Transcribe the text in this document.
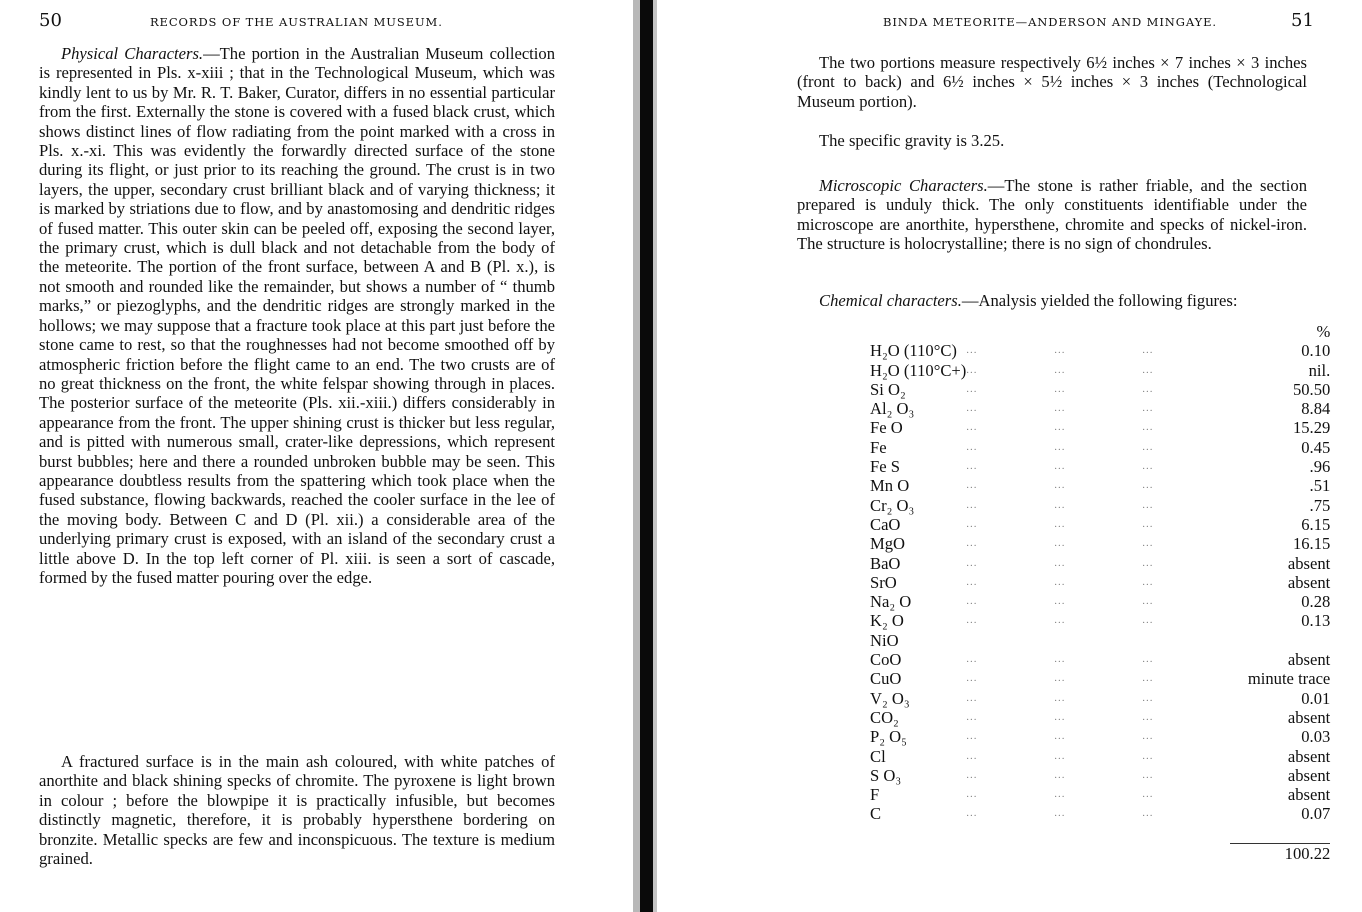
50	RECORDS OF THE AUSTRALIAN MUSEUM.

Physical Characters.—The portion in the Australian Museum collection is represented in Pls. x-xiii ; that in the Technological Museum, which was kindly lent to us by Mr. R. T. Baker, Curator, differs in no essential particular from the first. Externally the stone is covered with a fused black crust, which shows distinct lines of flow radiating from the point marked with a cross in Pls. x.-xi. This was evidently the forwardly directed surface of the stone during its flight, or just prior to its reaching the ground. The crust is in two layers, the upper, secondary crust brilliant black and of varying thickness; it is marked by striations due to flow, and by anastomosing and dendritic ridges of fused matter. This outer skin can be peeled off, exposing the second layer, the primary crust, which is dull black and not detachable from the body of the meteorite. The portion of the front surface, between A and B (Pl. x.), is not smooth and rounded like the remainder, but shows a number of “ thumb marks,” or piezoglyphs, and the dendritic ridges are strongly marked in the hollows; we may suppose that a fracture took place at this part just before the stone came to rest, so that the roughnesses had not become smoothed off by atmospheric friction before the flight came to an end. The two crusts are of no great thickness on the front, the white felspar showing through in places. The posterior surface of the meteorite (Pls. xii.-xiii.) differs considerably in appearance from the front. The upper shining crust is thicker but less regular, and is pitted with numerous small, crater-like depressions, which represent burst bubbles; here and there a rounded unbroken bubble may be seen. This appearance doubtless results from the spattering which took place when the fused substance, flowing backwards, reached the cooler surface in the lee of the moving body. Between C and D (Pl. xii.) a considerable area of the underlying primary crust is exposed, with an island of the secondary crust a little above D. In the top left corner of Pl. xiii. is seen a sort of cascade, formed by the fused matter pouring over the edge.

A fractured surface is in the main ash coloured, with white patches of anorthite and black shining specks of chromite. The pyroxene is light brown in colour ; before the blowpipe it is practically infusible, but becomes distinctly magnetic, therefore, it is probably hypersthene bordering on bronzite. Metallic specks are few and inconspicuous. The texture is medium grained.

BINDA METEORITE—ANDERSON AND MINGAYE.	51

The two portions measure respectively 6½ inches × 7 inches × 3 inches (front to back) and 6½ inches × 5½ inches × 3 inches (Technological Museum portion).

The specific gravity is 3.25.

Microscopic Characters.—The stone is rather friable, and the section prepared is unduly thick. The only constituents identifiable under the microscope are anorthite, hypersthene, chromite and specks of nickel-iron. The structure is holocrystalline; there is no sign of chondrules.

Chemical characters.—Analysis yielded the following figures:

				%
H₂O (110°C)	...	...	...	0.10
H₂O (110°C+)	...	...	...	nil.
Si O₂	...	...	...	50.50
Al₂ O₃	...	...	...	8.84
Fe O	...	...	...	15.29
Fe	...	...	...	0.45
Fe S	...	...	...	.96
Mn O	...	...	...	.51
Cr₂ O₃	...	...	...	.75
CaO	...	...	...	6.15
MgO	...	...	...	16.15
BaO	...	...	...	absent
SrO	...	...	...	absent
Na₂ O	...	...	...	0.28
K₂ O	...	...	...	0.13
NiO				
CoO	...	...	...	absent
CuO	...	...	...	minute trace
V₂ O₃	...	...	...	0.01
CO₂	...	...	...	absent
P₂ O₅	...	...	...	0.03
Cl	...	...	...	absent
S O₃	...	...	...	absent
F	...	...	...	absent
C	...	...	...	0.07

				100.22
